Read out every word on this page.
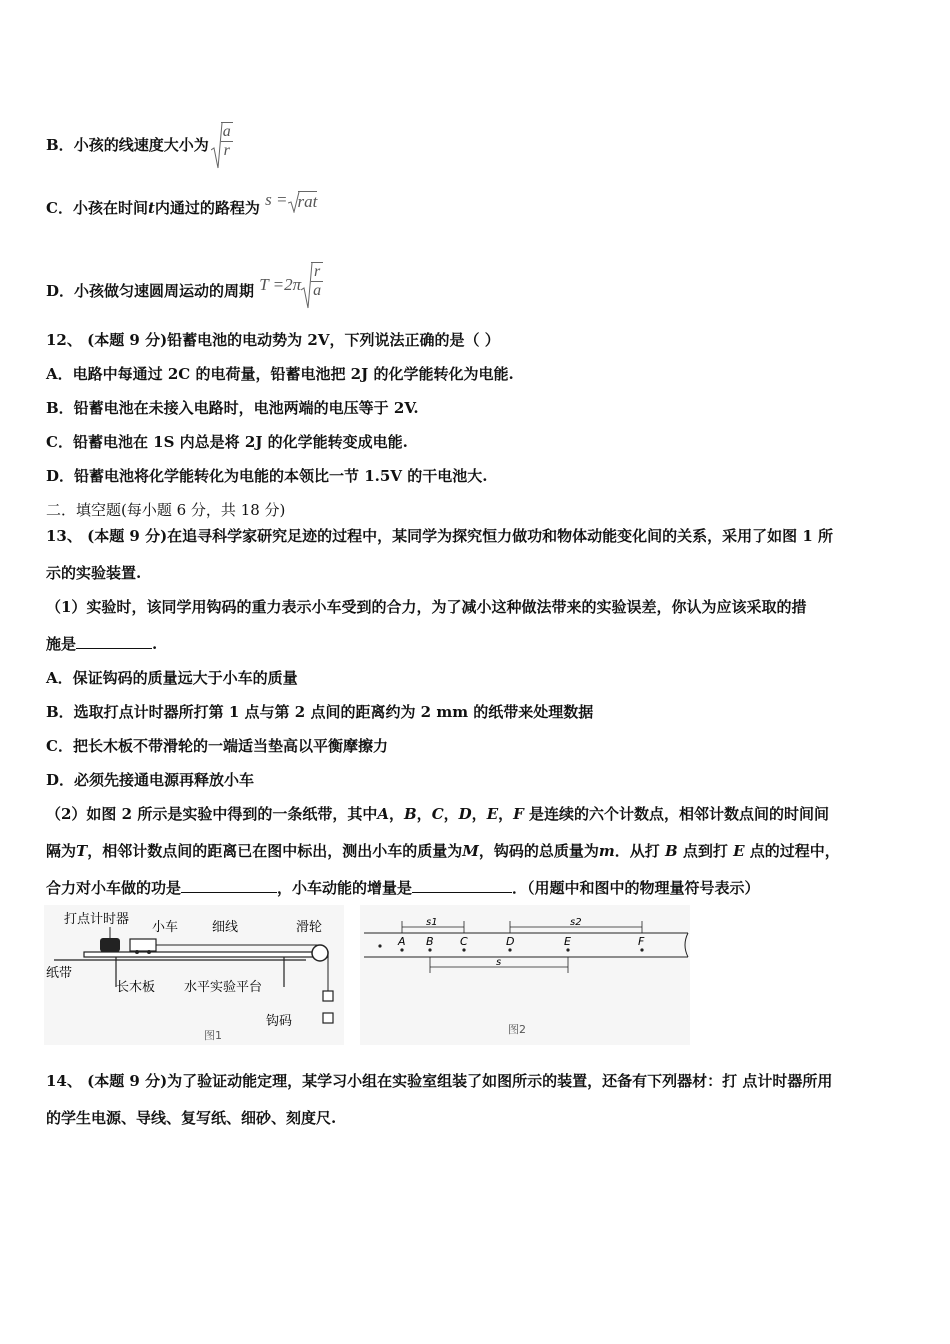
B．小孩的线速度大小为 $\frac{a}{r}$
C．小孩在时间t内通过的路程为 s = rat
D．小孩做匀速圆周运动的周期 $T =2\pi \frac{r}{a}$
12、 (本题 9 分)铅蓄电池的电动势为 2V，下列说法正确的是（ ）
A．电路中每通过 2C 的电荷量，铅蓄电池把 2J 的化学能转化为电能.
B．铅蓄电池在未接入电路时，电池两端的电压等于 2V.
C．铅蓄电池在 1S 内总是将 2J 的化学能转变成电能.
D．铅蓄电池将化学能转化为电能的本领比一节 1.5V 的干电池大.
二．填空题(每小题 6 分，共 18 分)
13、 (本题 9 分)在追寻科学家研究足迹的过程中，某同学为探究恒力做功和物体动能变化间的关系，采用了如图 1 所
示的实验装置.
（1）实验时，该同学用钩码的重力表示小车受到的合力，为了减小这种做法带来的实验误差，你认为应该采取的措
施是	.
A．保证钩码的质量远大于小车的质量
B．选取打点计时器所打第 1 点与第 2 点间的距离约为 2 mm 的纸带来处理数据
C．把长木板不带滑轮的一端适当垫高以平衡摩擦力
D．必须先接通电源再释放小车
（2）如图 2 所示是实验中得到的一条纸带，其中A，B，C，D，E，F 是连续的六个计数点，相邻计数点间的时间间
隔为T，相邻计数点间的距离已在图中标出，测出小车的质量为M，钩码的总质量为m．从打 B 点到打 E 点的过程中，
合力对小车做的功是	，小车动能的增量是	．（用题中和图中的物理量符号表示）
打点计时器
小车	细线	滑轮
纸带
长木板 水平实验平台
钩码
图1
A B C	D	E	F
s1	s2
s
图2
14、 (本题 9 分)为了验证动能定理，某学习小组在实验室组装了如图所示的装置，还备有下列器材：打 点计时器所用
的学生电源、导线、复写纸、细砂、刻度尺.
